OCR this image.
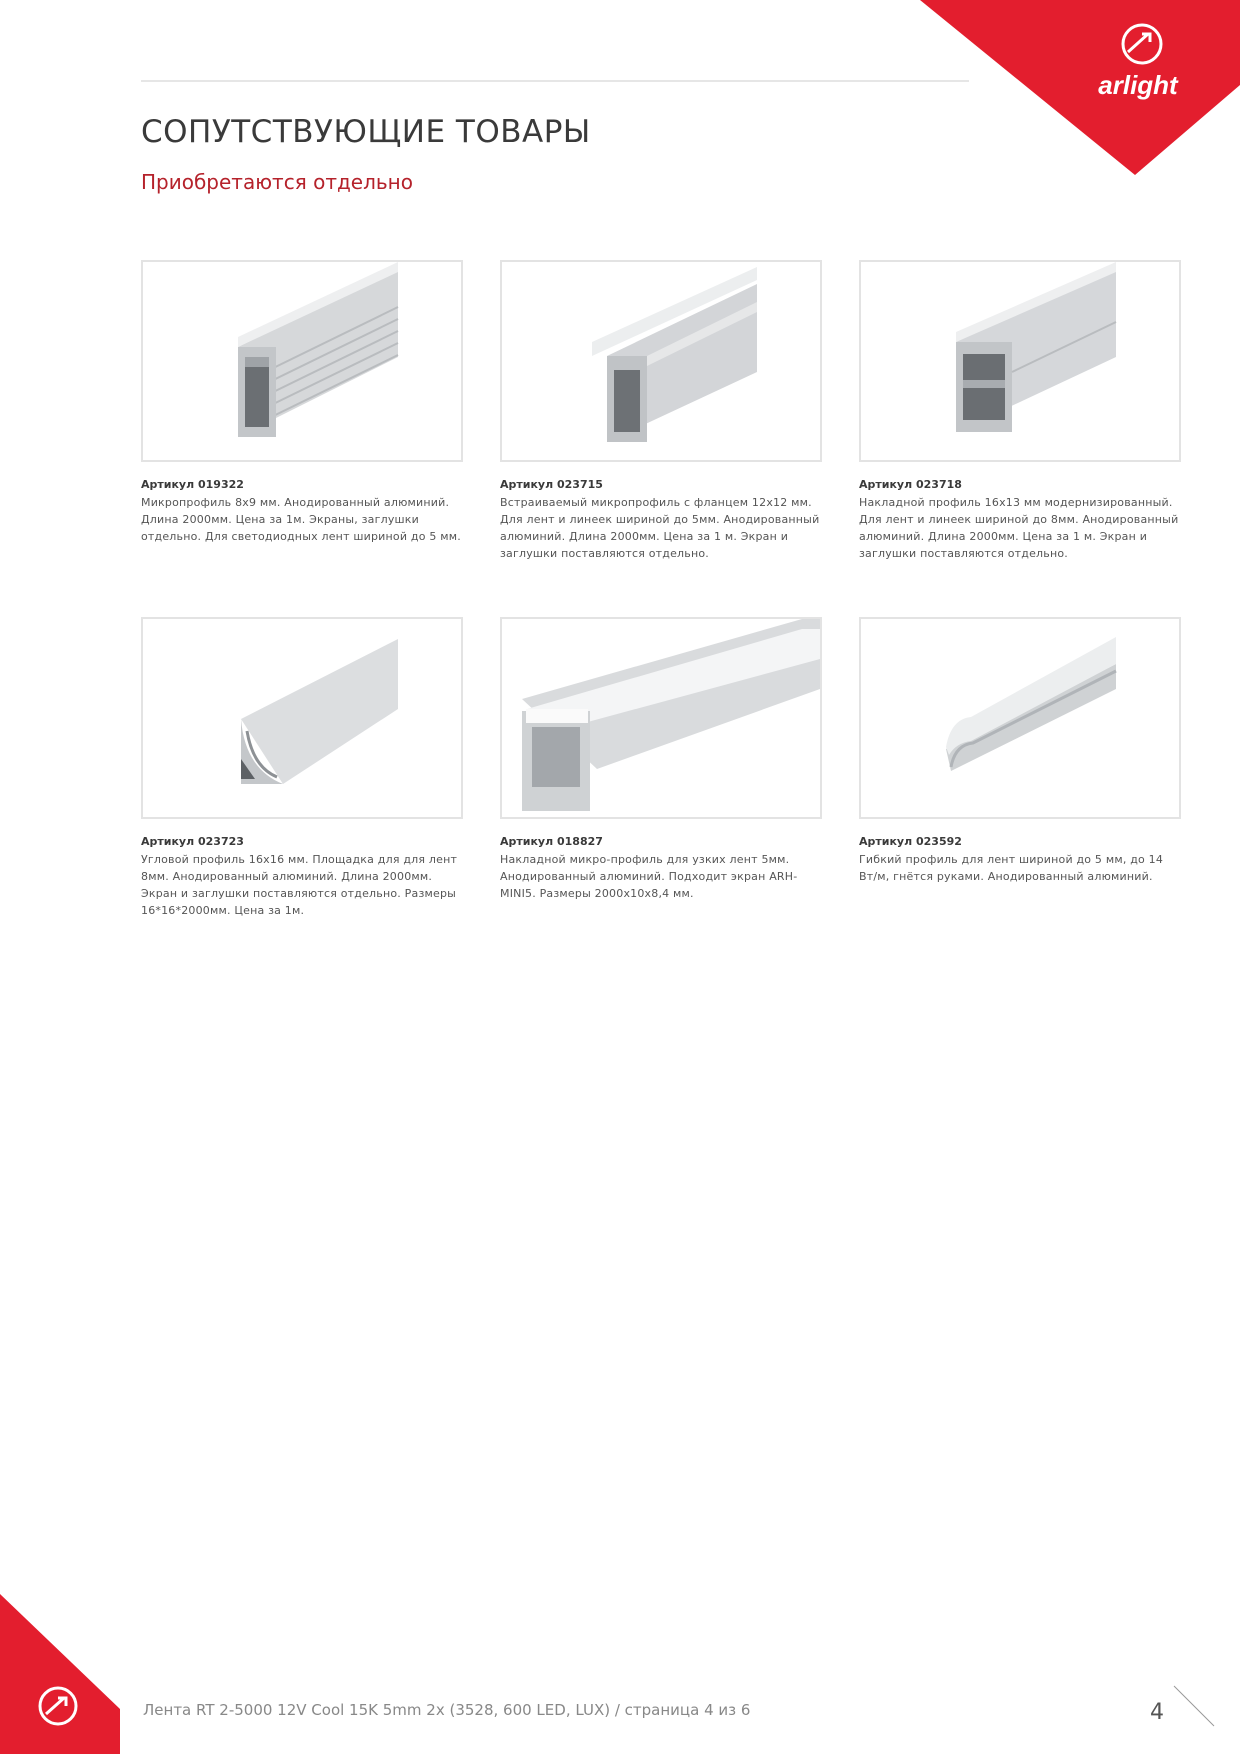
arlight
СОПУТСТВУЮЩИЕ ТОВАРЫ
Приобретаются отдельно
Артикул 019322
Микропрофиль 8х9 мм. Анодированный алюминий. Длина 2000мм. Цена за 1м. Экраны, заглушки отдельно. Для светодиодных лент шириной до 5 мм.
Артикул 023715
Встраиваемый микропрофиль с фланцем 12х12 мм. Для лент и линеек шириной до 5мм. Анодированный алюминий. Длина 2000мм. Цена за 1 м. Экран и заглушки поставляются отдельно.
Артикул 023718
Накладной профиль 16х13 мм модернизированный. Для лент и линеек шириной до 8мм. Анодированный алюминий. Длина 2000мм. Цена за 1 м. Экран и заглушки поставляются отдельно.
Артикул 023723
Угловой профиль 16х16 мм. Площадка для для лент 8мм. Анодированный алюминий. Длина 2000мм. Экран и заглушки поставляются отдельно. Размеры 16*16*2000мм. Цена за 1м.
Артикул 018827
Накладной микро-профиль для узких лент 5мм. Анодированный алюминий. Подходит экран ARH-MINI5. Размеры 2000х10х8,4 мм.
Артикул 023592
Гибкий профиль для лент шириной до 5 мм, до 14 Вт/м, гнётся руками. Анодированный алюминий.
Лента RT 2-5000 12V Cool 15K 5mm 2x (3528, 600 LED, LUX) / страница 4 из 6	4
